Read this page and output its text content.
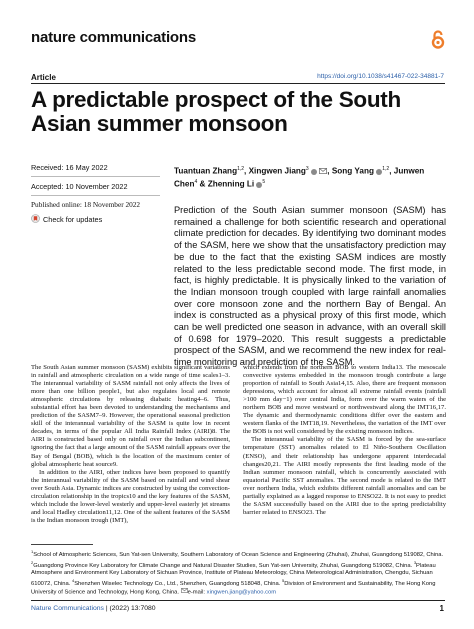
nature communications
Article	https://doi.org/10.1038/s41467-022-34881-7
A predictable prospect of the South Asian summer monsoon
Received: 16 May 2022
Accepted: 10 November 2022
Published online: 18 November 2022
Check for updates
Tuantuan Zhang$^{1,2}$, Xingwen Jiang$^3$ , Song Yang $^{1,2}$, Junwen Chen$^4$ & Zhenning Li $^5$

Prediction of the South Asian summer monsoon (SASM) has remained a challenge for both scientific research and operational climate prediction for decades. By identifying two dominant modes of the SASM, here we show that the unsatisfactory prediction may be due to the fact that the existing SASM indices are mostly related to the less predictable second mode. The first mode, in fact, is highly predictable. It is physically linked to the variation of the Indian monsoon trough coupled with large rainfall anomalies over core monsoon zone and the northern Bay of Bengal. An index is constructed as a physical proxy of this first mode, which can be well predicted one season in advance, with an overall skill of 0.698 for 1979–2020. This result suggests a predictable prospect of the SASM, and we recommend the new index for real-time monitoring and prediction of the SASM.

The South Asian summer monsoon (SASM) exhibits significant variations in rainfall and atmospheric circulation on a wide range of time scales1–3. The interannual variability of SASM rainfall not only affects the lives of more than one billion people1, but also regulates local and remote atmospheric circulations by releasing diabatic heating4–6. Thus, substantial effort has been devoted to understanding the mechanisms and prediction of the SASM7–9. However, the operational seasonal prediction skill of the interannual variability of the SASM is quite low in recent decades, in terms of the popular All India Rainfall Index (AIRI)8. The AIRI is constructed based only on rainfall over the Indian subcontinent, ignoring the fact that a large amount of the SASM rainfall appears over the Bay of Bengal (BOB), which is the location of the maximum center of global atmospheric heat source9.

In addition to the AIRI, other indices have been proposed to quantify the interannual variability of the SASM based on rainfall and wind shear over South Asia. Dynamic indices are constructed by using the convection-circulation relationship in the tropics10 and the key features of the SASM, which include the lower-level westerly and upper-level easterly jet streams and local Hadley circulation11,12. One of the salient features of the SASM is the Indian monsoon trough (IMT),

which extends from the northern BOB to western India13. The mesoscale convective systems embedded in the monsoon trough contribute a large proportion of rainfall to South Asia14,15. Also, there are frequent monsoon depressions, which account for almost all extreme rainfall events (rainfall >100 mm day−1) over central India, form over the warm waters of the northern BOB and move westward or northwestward along the IMT16,17. The dynamic and thermodynamic conditions differ over the eastern and western flanks of the IMT18,19. Nevertheless, the variation of the IMT over the BOB is not well considered by the existing monsoon indices.

The interannual variability of the SASM is forced by the sea-surface temperature (SST) anomalies related to El Niño-Southern Oscillation (ENSO), and their relationship has undergone apparent interdecadal changes20,21. The AIRI mostly represents the first leading mode of the Indian summer monsoon rainfall, which is concurrently associated with equatorial Pacific SST anomalies. The second mode is related to the IMT over northern India, which exhibits different rainfall anomalies and can be partially explained as a lagged response to ENSO22. It is not easy to predict the SASM successfully based on the AIRI due to the spring predictability barrier related to ENSO23. The

$^1$School of Atmospheric Sciences, Sun Yat-sen University, Southern Laboratory of Ocean Science and Engineering (Zhuhai), Zhuhai, Guangdong 519082, China. $^2$Guangdong Province Key Laboratory for Climate Change and Natural Disaster Studies, Sun Yat-sen University, Zhuhai, Guangdong 519082, China. $^3$Plateau Atmosphere and Environment Key Laboratory of Sichuan Province, Institute of Plateau Meteorology, China Meteorological Administration, Chengdu, Sichuan 610072, China. $^4$Shenzhen Wiselec Technology Co., Ltd., Shenzhen, Guangdong 518048, China. $^5$Division of Environment and Sustainability, The Hong Kong University of Science and Technology, Hong Kong, China. e-mail: xingwen.jiang@yahoo.com
Nature Communications | (2022) 13:7080	1
